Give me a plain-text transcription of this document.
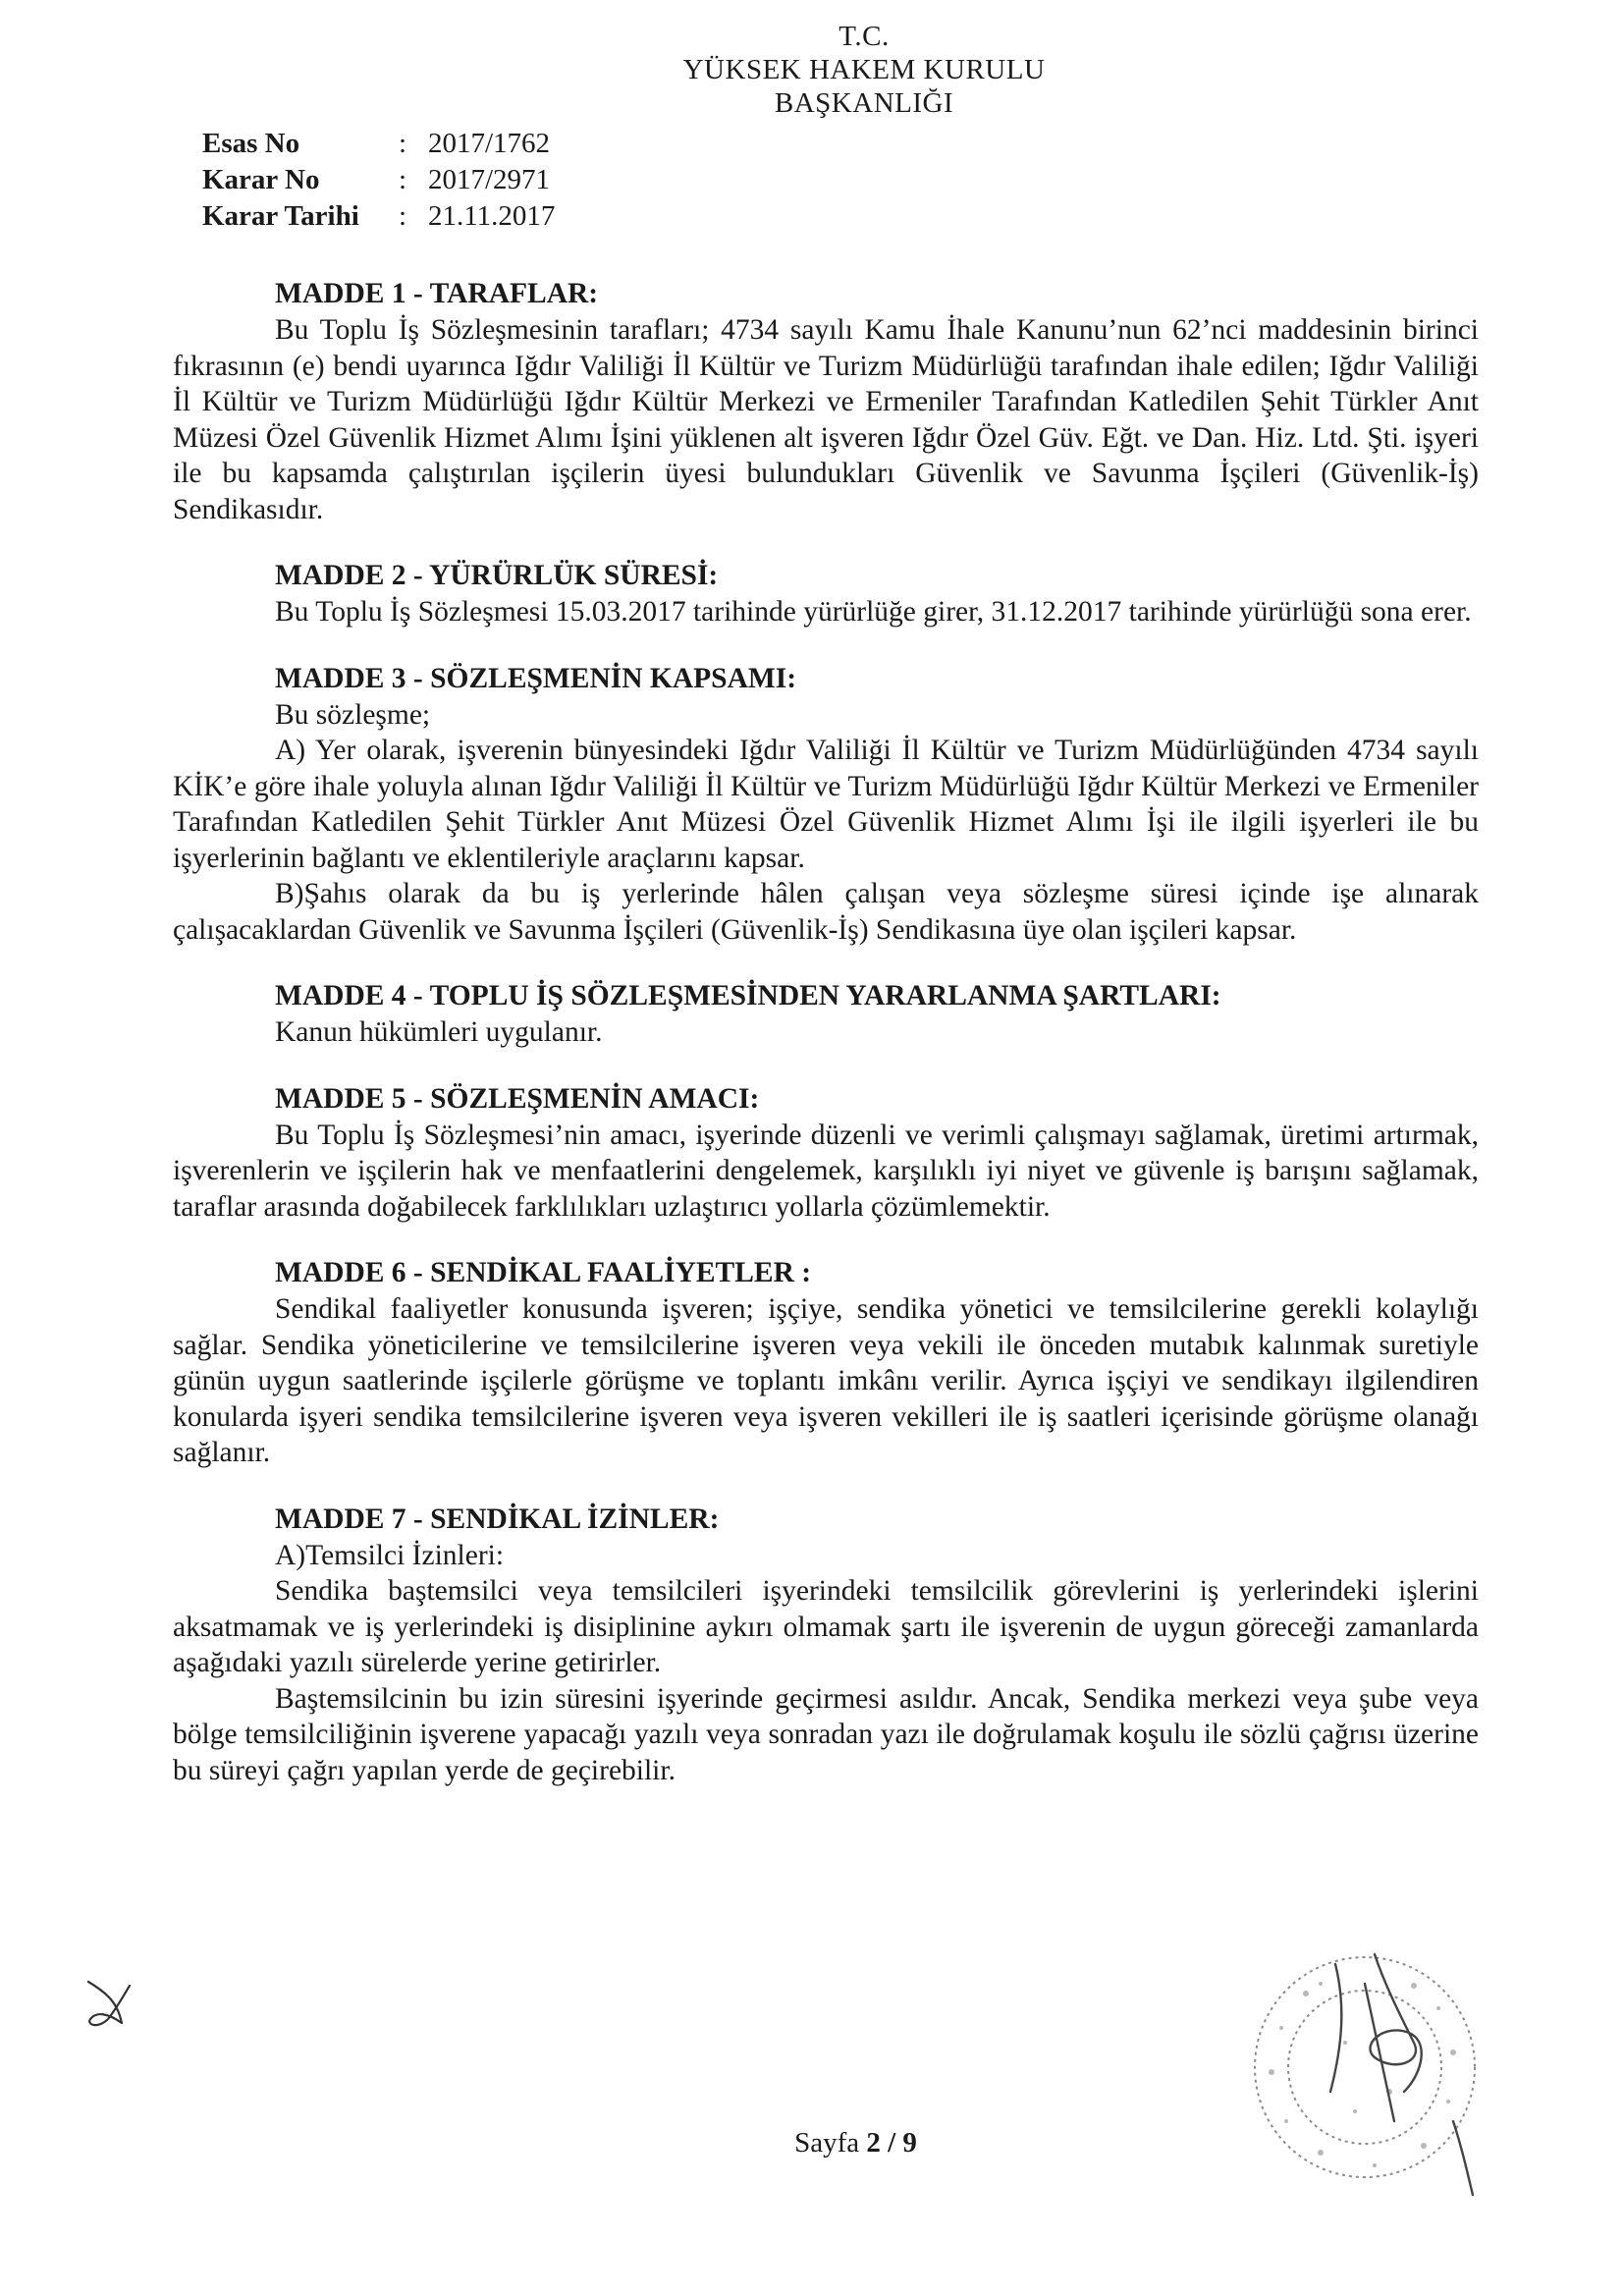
T.C.
YÜKSEK HAKEM KURULU
BAŞKANLIĞI
Esas No	: 2017/1762
Karar No	: 2017/2971
Karar Tarihi	: 21.11.2017
MADDE 1 - TARAFLAR:

Bu Toplu İş Sözleşmesinin tarafları; 4734 sayılı Kamu İhale Kanunu’nun 62’nci maddesinin birinci fıkrasının (e) bendi uyarınca Iğdır Valiliği İl Kültür ve Turizm Müdürlüğü tarafından ihale edilen; Iğdır Valiliği İl Kültür ve Turizm Müdürlüğü Iğdır Kültür Merkezi ve Ermeniler Tarafından Katledilen Şehit Türkler Anıt Müzesi Özel Güvenlik Hizmet Alımı İşini yüklenen alt işveren Iğdır Özel Güv. Eğt. ve Dan. Hiz. Ltd. Şti. işyeri ile bu kapsamda çalıştırılan işçilerin üyesi bulundukları Güvenlik ve Savunma İşçileri (Güvenlik-İş) Sendikasıdır.

MADDE 2 - YÜRÜRLÜK SÜRESİ:

Bu Toplu İş Sözleşmesi 15.03.2017 tarihinde yürürlüğe girer, 31.12.2017 tarihinde yürürlüğü sona erer.

MADDE 3 - SÖZLEŞMENİN KAPSAMI:

Bu sözleşme;

A) Yer olarak, işverenin bünyesindeki Iğdır Valiliği İl Kültür ve Turizm Müdürlüğünden 4734 sayılı KİK’e göre ihale yoluyla alınan Iğdır Valiliği İl Kültür ve Turizm Müdürlüğü Iğdır Kültür Merkezi ve Ermeniler Tarafından Katledilen Şehit Türkler Anıt Müzesi Özel Güvenlik Hizmet Alımı İşi ile ilgili işyerleri ile bu işyerlerinin bağlantı ve eklentileriyle araçlarını kapsar.

B)Şahıs olarak da bu iş yerlerinde hâlen çalışan veya sözleşme süresi içinde işe alınarak çalışacaklardan Güvenlik ve Savunma İşçileri (Güvenlik-İş) Sendikasına üye olan işçileri kapsar.

MADDE 4 - TOPLU İŞ SÖZLEŞMESİNDEN YARARLANMA ŞARTLARI:

Kanun hükümleri uygulanır.

MADDE 5 - SÖZLEŞMENİN AMACI:

Bu Toplu İş Sözleşmesi’nin amacı, işyerinde düzenli ve verimli çalışmayı sağlamak, üretimi artırmak, işverenlerin ve işçilerin hak ve menfaatlerini dengelemek, karşılıklı iyi niyet ve güvenle iş barışını sağlamak, taraflar arasında doğabilecek farklılıkları uzlaştırıcı yollarla çözümlemektir.

MADDE 6 - SENDİKAL FAALİYETLER :

Sendikal faaliyetler konusunda işveren; işçiye, sendika yönetici ve temsilcilerine gerekli kolaylığı sağlar. Sendika yöneticilerine ve temsilcilerine işveren veya vekili ile önceden mutabık kalınmak suretiyle günün uygun saatlerinde işçilerle görüşme ve toplantı imkânı verilir. Ayrıca işçiyi ve sendikayı ilgilendiren konularda işyeri sendika temsilcilerine işveren veya işveren vekilleri ile iş saatleri içerisinde görüşme olanağı sağlanır.

MADDE 7 - SENDİKAL İZİNLER:

A)Temsilci İzinleri:

Sendika baştemsilci veya temsilcileri işyerindeki temsilcilik görevlerini iş yerlerindeki işlerini aksatmamak ve iş yerlerindeki iş disiplinine aykırı olmamak şartı ile işverenin de uygun göreceği zamanlarda aşağıdaki yazılı sürelerde yerine getirirler.

Baştemsilcinin bu izin süresini işyerinde geçirmesi asıldır. Ancak, Sendika merkezi veya şube veya bölge temsilciliğinin işverene yapacağı yazılı veya sonradan yazı ile doğrulamak koşulu ile sözlü çağrısı üzerine bu süreyi çağrı yapılan yerde de geçirebilir.

Sayfa 2 / 9
